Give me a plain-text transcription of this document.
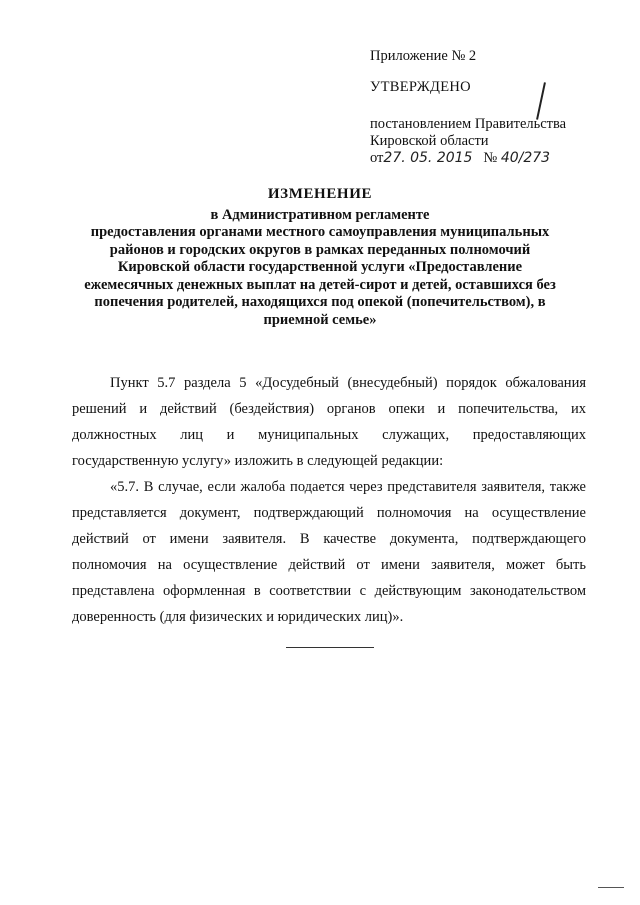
Приложение № 2
УТВЕРЖДЕНО
постановлением Правительства
Кировской области
от27. 05. 2015 № 40/273

ИЗМЕНЕНИЕ

в Административном регламенте

предоставления органами местного самоуправления муниципальных

районов и городских округов в рамках переданных полномочий

Кировской области государственной услуги «Предоставление

ежемесячных денежных выплат на детей-сирот и детей, оставшихся без

попечения родителей, находящихся под опекой (попечительством), в

приемной семье»

Пункт 5.7 раздела 5 «Досудебный (внесудебный) порядок обжалования решений и действий (бездействия) органов опеки и попечительства, их должностных лиц и муниципальных служащих, предоставляющих государственную услугу» изложить в следующей редакции:

«5.7. В случае, если жалоба подается через представителя заявителя, также представляется документ, подтверждающий полномочия на осуществление действий от имени заявителя. В качестве документа, подтверждающего полномочия на осуществление действий от имени заявителя, может быть представлена оформленная в соответствии с действующим законодательством доверенность (для физических и юридических лиц)».
